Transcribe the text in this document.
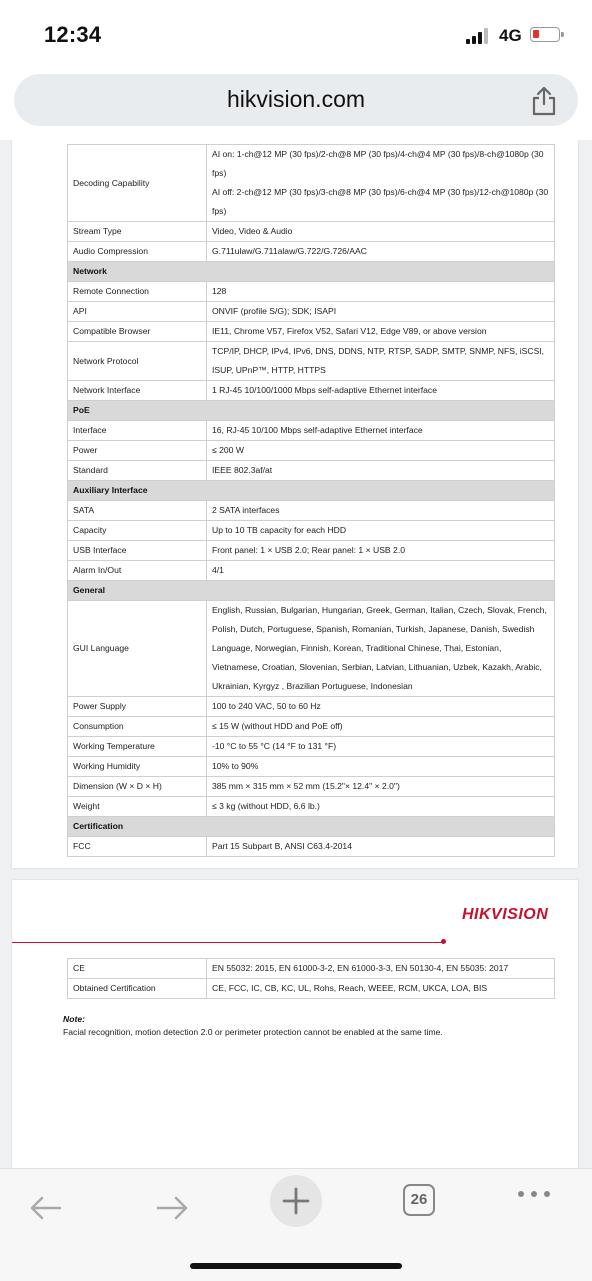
12:34	4G
hikvision.com
Decoding Capability	AI on: 1-ch@12 MP (30 fps)/2-ch@8 MP (30 fps)/4-ch@4 MP (30 fps)/8-ch@1080p (30 fps)
AI off: 2-ch@12 MP (30 fps)/3-ch@8 MP (30 fps)/6-ch@4 MP (30 fps)/12-ch@1080p (30 fps)
Stream Type	Video, Video & Audio
Audio Compression	G.711ulaw/G.711alaw/G.722/G.726/AAC
Network	
Remote Connection	128
API	ONVIF (profile S/G); SDK; ISAPI
Compatible Browser	IE11, Chrome V57, Firefox V52, Safari V12, Edge V89, or above version
Network Protocol	TCP/IP, DHCP, IPv4, IPv6, DNS, DDNS, NTP, RTSP, SADP, SMTP, SNMP, NFS, iSCSI, ISUP, UPnP™, HTTP, HTTPS
Network Interface	1 RJ-45 10/100/1000 Mbps self-adaptive Ethernet interface
PoE	
Interface	16, RJ-45 10/100 Mbps self-adaptive Ethernet interface
Power	≤ 200 W
Standard	IEEE 802.3af/at
Auxiliary Interface	
SATA	2 SATA interfaces
Capacity	Up to 10 TB capacity for each HDD
USB Interface	Front panel: 1 × USB 2.0; Rear panel: 1 × USB 2.0
Alarm In/Out	4/1
General	
GUI Language	English, Russian, Bulgarian, Hungarian, Greek, German, Italian, Czech, Slovak, French, Polish, Dutch, Portuguese, Spanish, Romanian, Turkish, Japanese, Danish, Swedish Language, Norwegian, Finnish, Korean, Traditional Chinese, Thai, Estonian, Vietnamese, Croatian, Slovenian, Serbian, Latvian, Lithuanian, Uzbek, Kazakh, Arabic, Ukrainian, Kyrgyz , Brazilian Portuguese, Indonesian
Power Supply	100 to 240 VAC, 50 to 60 Hz
Consumption	≤ 15 W (without HDD and PoE off)
Working Temperature	-10 °C to 55 °C (14 °F to 131 °F)
Working Humidity	10% to 90%
Dimension (W × D × H)	385 mm × 315 mm × 52 mm (15.2"× 12.4" × 2.0")
Weight	≤ 3 kg (without HDD, 6.6 lb.)
Certification	
FCC	Part 15 Subpart B, ANSI C63.4-2014
HIKVISION
CE	EN 55032: 2015, EN 61000-3-2, EN 61000-3-3, EN 50130-4, EN 55035: 2017
Obtained Certification	CE, FCC, IC, CB, KC, UL, Rohs, Reach, WEEE, RCM, UKCA, LOA, BIS
Note:
Facial recognition, motion detection 2.0 or perimeter protection cannot be enabled at the same time.
26
